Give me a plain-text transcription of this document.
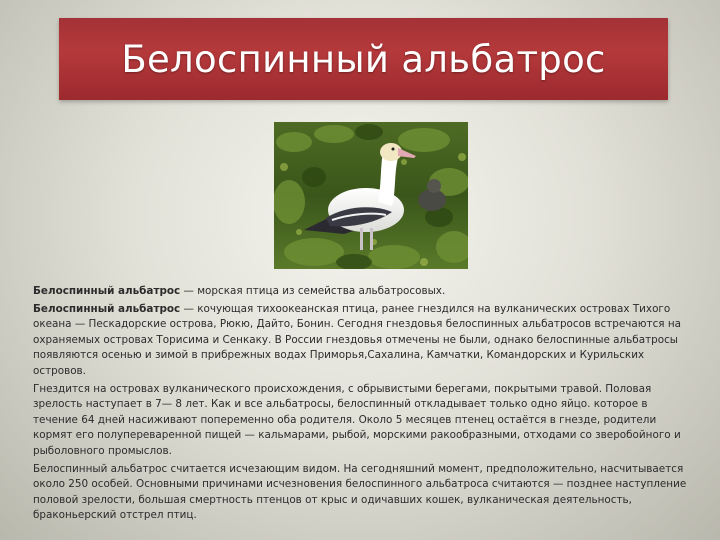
Белоспинный альбатрос

Белоспинный альбатрос — морская птица из семейства альбатросовых.

Белоспинный альбатрос — кочующая тихоокеанская птица, ранее гнездился на вулканических островах Тихого океана — Пескадорские острова, Рюкю, Дайто, Бонин. Сегодня гнездовья белоспинных альбатросов встречаются на охраняемых островах Торисима и Сенкаку. В России гнездовья отмечены не были, однако белоспинные альбатросы появляются осенью и зимой в прибрежных водах Приморья,Сахалина, Камчатки, Командорских и Курильских островов.

Гнездится на островах вулканического происхождения, с обрывистыми берегами, покрытыми травой. Половая зрелость наступает в 7— 8 лет. Как и все альбатросы, белоспинный откладывает только одно яйцо. которое в течение 64 дней насиживают попеременно оба родителя. Около 5 месяцев птенец остаётся в гнезде, родители кормят его полупереваренной пищей — кальмарами, рыбой, морскими ракообразными, отходами со зверобойного и рыболовного промыслов.

Белоспинный альбатрос считается исчезающим видом. На сегодняшний момент, предположительно, насчитывается около 250 особей. Основными причинами исчезновения белоспинного альбатроса считаются — позднее наступление половой зрелости, большая смертность птенцов от крыс и одичавших кошек, вулканическая деятельность, браконьерский отстрел птиц.
